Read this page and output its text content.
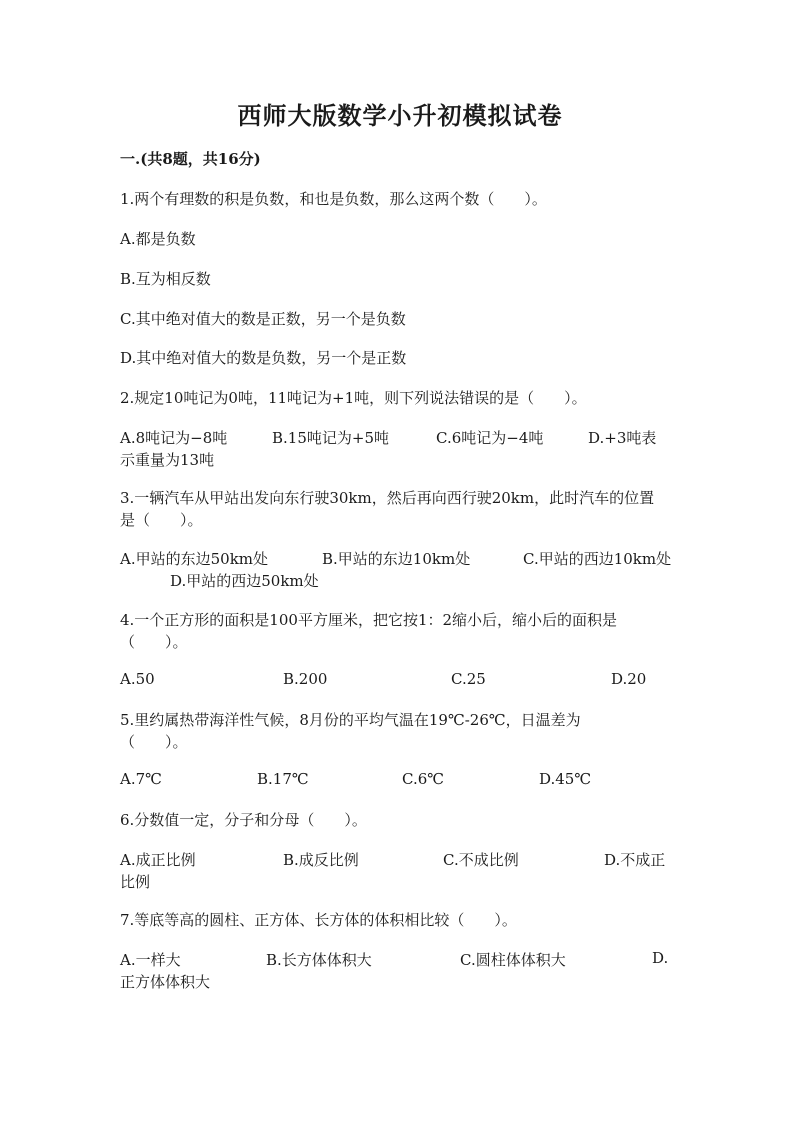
西师大版数学小升初模拟试卷
一.(共8题，共16分)
1.两个有理数的积是负数，和也是负数，那么这两个数（　　）。
A.都是负数
B.互为相反数
C.其中绝对值大的数是正数，另一个是负数
D.其中绝对值大的数是负数，另一个是正数
2.规定10吨记为0吨，11吨记为+1吨，则下列说法错误的是（　　）。
A.8吨记为−8吨	B.15吨记为+5吨	C.6吨记为−4吨	D.+3吨表
示重量为13吨
3.一辆汽车从甲站出发向东行驶30km，然后再向西行驶20km，此时汽车的位置
是（　　）。
A.甲站的东边50km处	B.甲站的东边10km处	C.甲站的西边10km处
D.甲站的西边50km处
4.一个正方形的面积是100平方厘米，把它按1：2缩小后，缩小后的面积是
（　　）。
A.50	B.200	C.25	D.20
5.里约属热带海洋性气候，8月份的平均气温在19℃-26℃，日温差为
（　　）。
A.7℃	B.17℃	C.6℃	D.45℃
6.分数值一定，分子和分母（　　）。
A.成正比例	B.成反比例	C.不成比例	D.不成正
比例
7.等底等高的圆柱、正方体、长方体的体积相比较（　　）。
A.一样大	B.长方体体积大	C.圆柱体体积大	D.
正方体体积大
